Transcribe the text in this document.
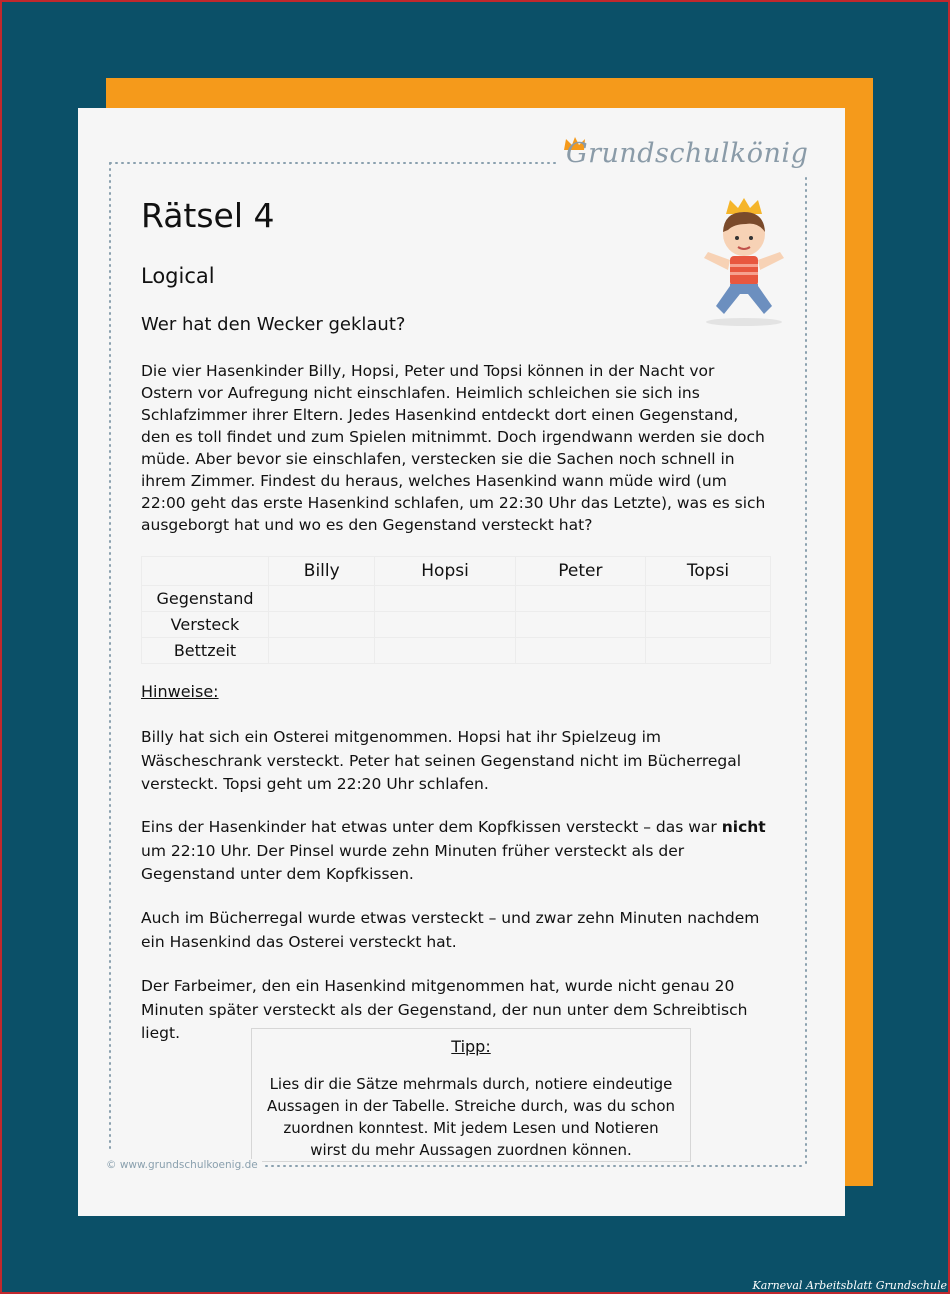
Grundschulkönig
Rätsel 4
Logical
Wer hat den Wecker geklaut?

Die vier Hasenkinder Billy, Hopsi, Peter und Topsi können in der Nacht vor Ostern vor Aufregung nicht einschlafen. Heimlich schleichen sie sich ins Schlafzimmer ihrer Eltern. Jedes Hasenkind entdeckt dort einen Gegenstand, den es toll findet und zum Spielen mitnimmt. Doch irgendwann werden sie doch müde. Aber bevor sie einschlafen, verstecken sie die Sachen noch schnell in ihrem Zimmer. Findest du heraus, welches Hasenkind wann müde wird (um 22:00 geht das erste Hasenkind schlafen, um 22:30 Uhr das Letzte), was es sich ausgeborgt hat und wo es den Gegenstand versteckt hat?

	Billy	Hopsi	Peter	Topsi
Gegenstand				
Versteck				
Bettzeit				
Hinweise:

Billy hat sich ein Osterei mitgenommen. Hopsi hat ihr Spielzeug im Wäscheschrank versteckt. Peter hat seinen Gegenstand nicht im Bücherregal versteckt. Topsi geht um 22:20 Uhr schlafen.

Eins der Hasenkinder hat etwas unter dem Kopfkissen versteckt – das war nicht um 22:10 Uhr. Der Pinsel wurde zehn Minuten früher versteckt als der Gegenstand unter dem Kopfkissen.

Auch im Bücherregal wurde etwas versteckt – und zwar zehn Minuten nachdem ein Hasenkind das Osterei versteckt hat.

Der Farbeimer, den ein Hasenkind mitgenommen hat, wurde nicht genau 20 Minuten später versteckt als der Gegenstand, der nun unter dem Schreibtisch liegt.

Tipp:

Lies dir die Sätze mehrmals durch, notiere eindeutige Aussagen in der Tabelle. Streiche durch, was du schon zuordnen konntest. Mit jedem Lesen und Notieren wirst du mehr Aussagen zuordnen können.

© www.grundschulkoenig.de
Karneval Arbeitsblatt Grundschule
